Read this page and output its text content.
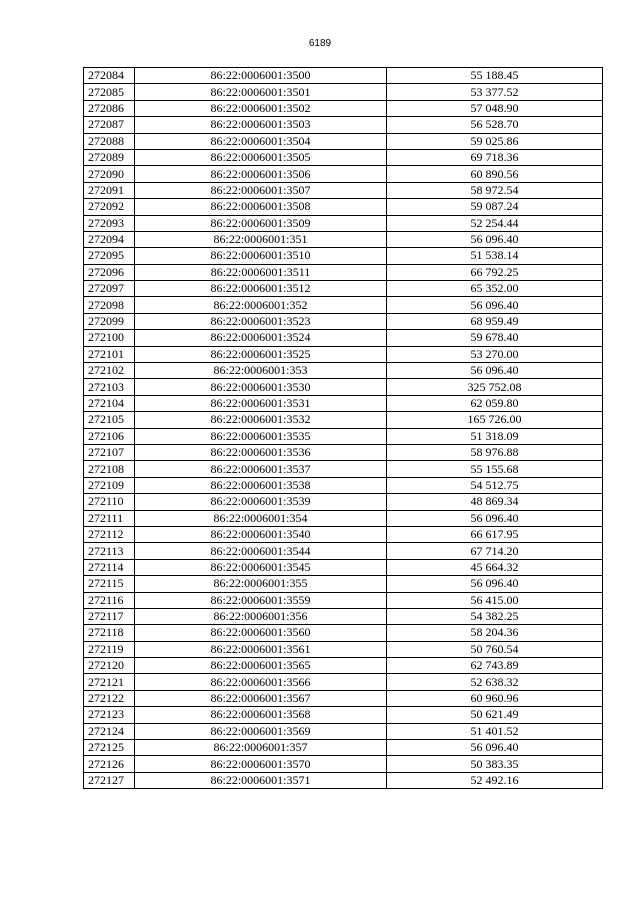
6189
272084	86:22:0006001:3500	55 188.45
272085	86:22:0006001:3501	53 377.52
272086	86:22:0006001:3502	57 048.90
272087	86:22:0006001:3503	56 528.70
272088	86:22:0006001:3504	59 025.86
272089	86:22:0006001:3505	69 718.36
272090	86:22:0006001:3506	60 890.56
272091	86:22:0006001:3507	58 972.54
272092	86:22:0006001:3508	59 087.24
272093	86:22:0006001:3509	52 254.44
272094	86:22:0006001:351	56 096.40
272095	86:22:0006001:3510	51 538.14
272096	86:22:0006001:3511	66 792.25
272097	86:22:0006001:3512	65 352.00
272098	86:22:0006001:352	56 096.40
272099	86:22:0006001:3523	68 959.49
272100	86:22:0006001:3524	59 678.40
272101	86:22:0006001:3525	53 270.00
272102	86:22:0006001:353	56 096.40
272103	86:22:0006001:3530	325 752.08
272104	86:22:0006001:3531	62 059.80
272105	86:22:0006001:3532	165 726.00
272106	86:22:0006001:3535	51 318.09
272107	86:22:0006001:3536	58 976.88
272108	86:22:0006001:3537	55 155.68
272109	86:22:0006001:3538	54 512.75
272110	86:22:0006001:3539	48 869.34
272111	86:22:0006001:354	56 096.40
272112	86:22:0006001:3540	66 617.95
272113	86:22:0006001:3544	67 714.20
272114	86:22:0006001:3545	45 664.32
272115	86:22:0006001:355	56 096.40
272116	86:22:0006001:3559	56 415.00
272117	86:22:0006001:356	54 382.25
272118	86:22:0006001:3560	58 204.36
272119	86:22:0006001:3561	50 760.54
272120	86:22:0006001:3565	62 743.89
272121	86:22:0006001:3566	52 638.32
272122	86:22:0006001:3567	60 960.96
272123	86:22:0006001:3568	50 621.49
272124	86:22:0006001:3569	51 401.52
272125	86:22:0006001:357	56 096.40
272126	86:22:0006001:3570	50 383.35
272127	86:22:0006001:3571	52 492.16
